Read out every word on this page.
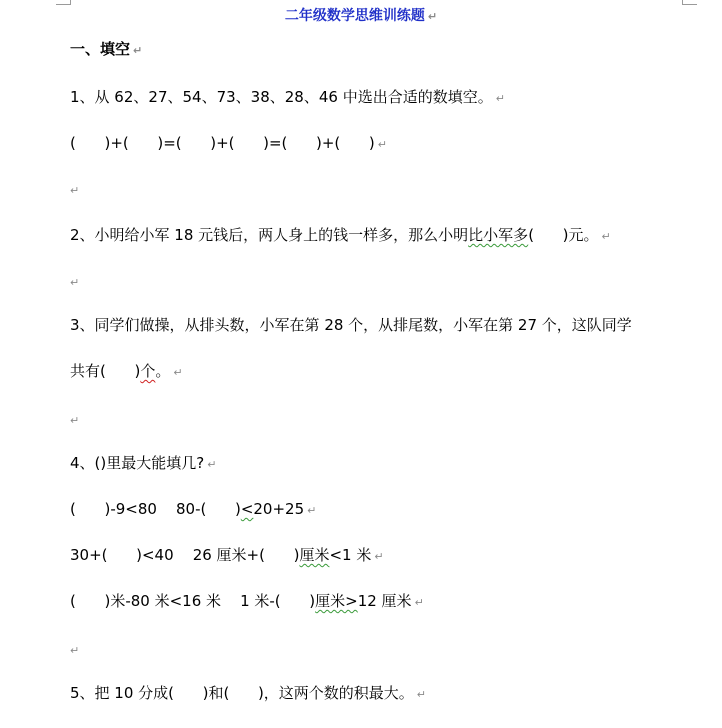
二年级数学思维训练题 ↵
一、填空 ↵
1、从 62、27、54、73、38、28、46 中选出合适的数填空。 ↵
(      )+(      )=(      )+(      )=(      )+(      ) ↵
↵
2、小明给小军 18 元钱后，两人身上的钱一样多，那么小明比小军多(      )元。 ↵
↵
3、同学们做操，从排头数，小军在第 28 个，从排尾数，小军在第 27 个，这队同学
共有(      )个。 ↵
↵
4、()里最大能填几? ↵
(      )-9<80    80-(      )<20+25 ↵
30+(      )<40    26 厘米+(      )厘米<1 米 ↵
(      )米-80 米<16 米    1 米-(      )厘米>12 厘米 ↵
↵
5、把 10 分成(      )和(      )，这两个数的积最大。 ↵
